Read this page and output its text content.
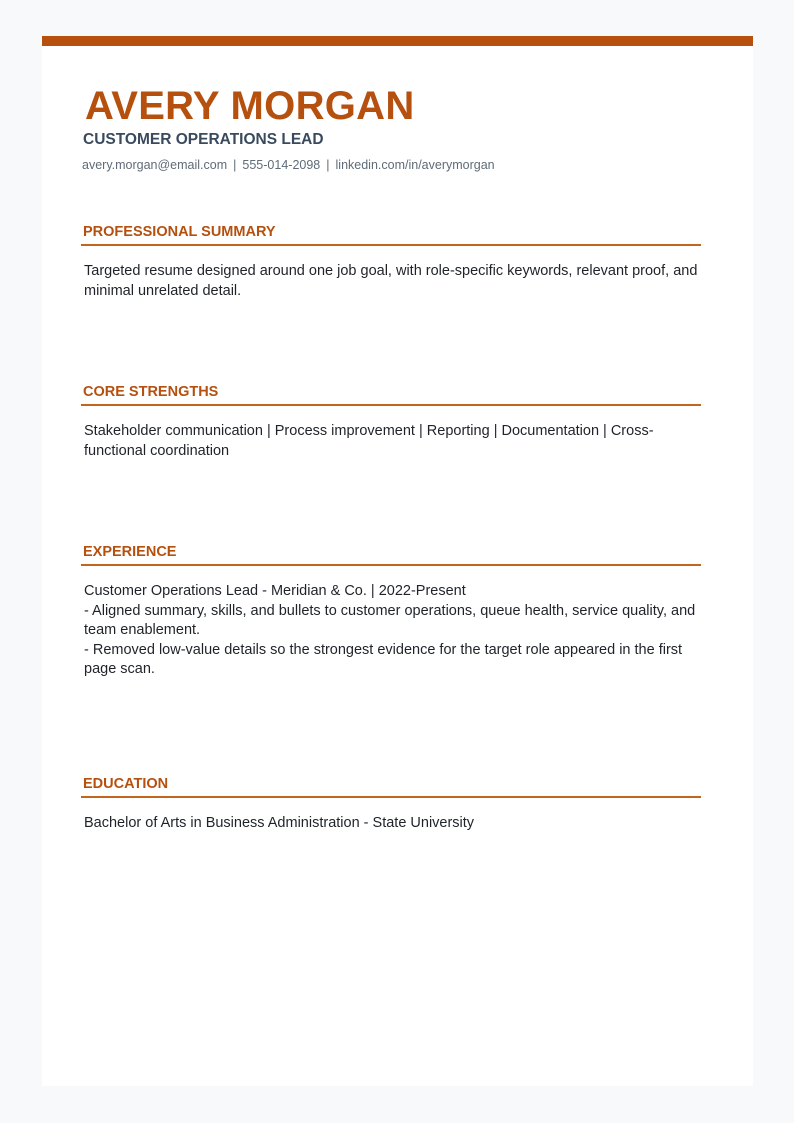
AVERY MORGAN
CUSTOMER OPERATIONS LEAD
avery.morgan@email.com | 555-014-2098 | linkedin.com/in/averymorgan
PROFESSIONAL SUMMARY
Targeted resume designed around one job goal, with role-specific keywords, relevant proof, and minimal unrelated detail.
CORE STRENGTHS
Stakeholder communication | Process improvement | Reporting | Documentation | Cross-functional coordination
EXPERIENCE
Customer Operations Lead - Meridian & Co. | 2022-Present
- Aligned summary, skills, and bullets to customer operations, queue health, service quality, and team enablement.
- Removed low-value details so the strongest evidence for the target role appeared in the first page scan.
EDUCATION
Bachelor of Arts in Business Administration - State University
